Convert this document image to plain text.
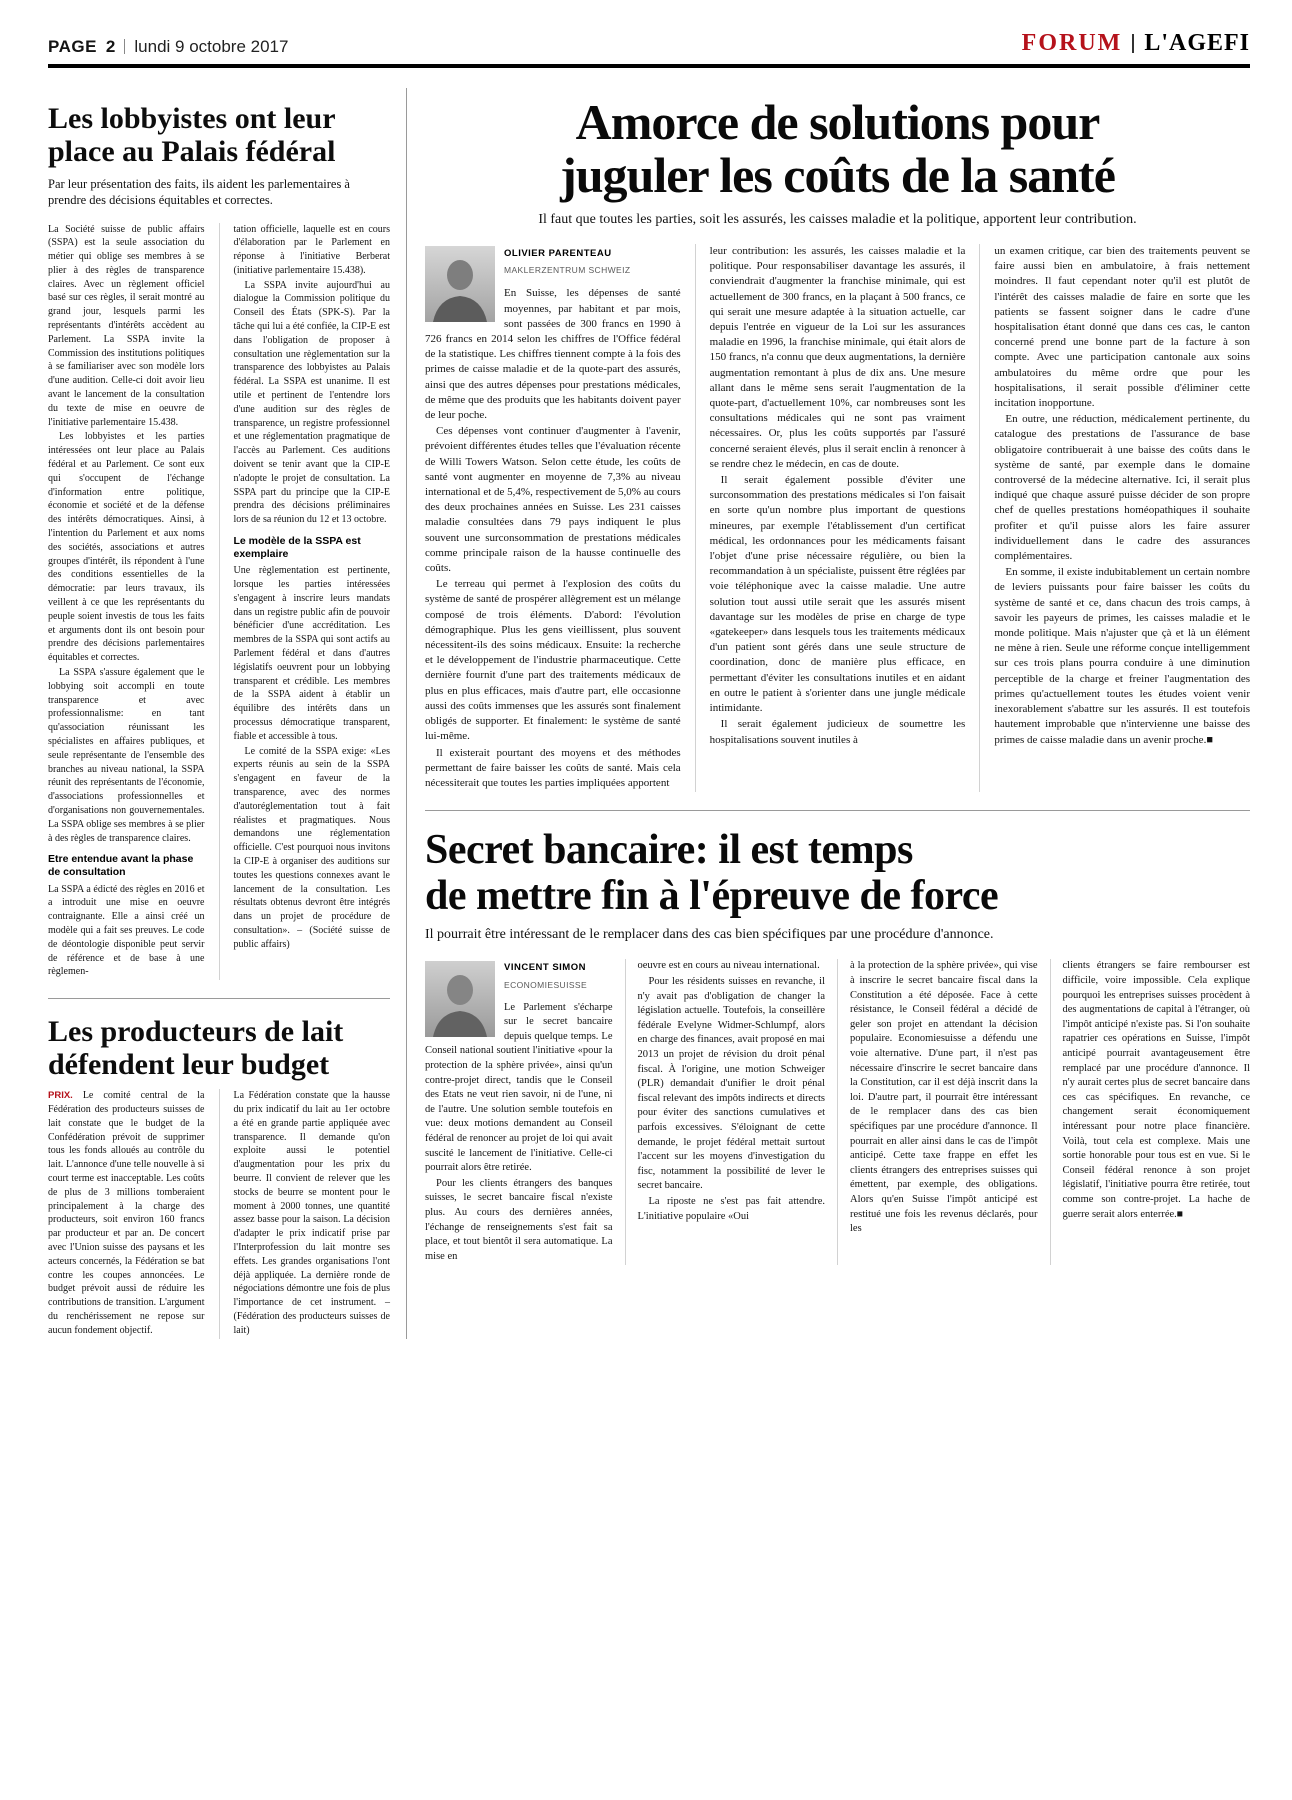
PAGE 2 lundi 9 octobre 2017	FORUM L'AGEFI
Les lobbyistes ont leur
place au Palais fédéral

Par leur présentation des faits, ils aident les parlementaires à prendre des décisions équitables et correctes.

La Société suisse de public affairs (SSPA) est la seule association du métier qui oblige ses membres à se plier à des règles de transparence claires. Avec un règlement officiel basé sur ces règles, il serait montré au grand jour, lesquels parmi les représentants d'intérêts accèdent au Parlement. La SSPA invite la Commission des institutions politiques à se familiariser avec son modèle lors d'une audition. Celle-ci doit avoir lieu avant le lancement de la consultation du texte de mise en oeuvre de l'initiative parlementaire 15.438.

Les lobbyistes et les parties intéressées ont leur place au Palais fédéral et au Parlement. Ce sont eux qui s'occupent de l'échange d'information entre politique, économie et société et de la défense des intérêts démocratiques. Ainsi, à l'intention du Parlement et aux noms des sociétés, associations et autres groupes d'intérêt, ils répondent à l'une des conditions essentielles de la démocratie: par leurs travaux, ils veillent à ce que les représentants du peuple soient investis de tous les faits et arguments dont ils ont besoin pour prendre des décisions parlementaires équitables et correctes.

La SSPA s'assure également que le lobbying soit accompli en toute transparence et avec professionnalisme: en tant qu'association réunissant les spécialistes en affaires publiques, et seule représentante de l'ensemble des branches au niveau national, la SSPA réunit des représentants de l'économie, d'associations professionnelles et d'organisations non gouvernementales. La SSPA oblige ses membres à se plier à des règles de transparence claires.

Etre entendue avant la phase de consultation

La SSPA a édicté des règles en 2016 et a introduit une mise en oeuvre contraignante. Elle a ainsi créé un modèle qui a fait ses preuves. Le code de déontologie disponible peut servir de référence et de base à une règlemen-

tation officielle, laquelle est en cours d'élaboration par le Parlement en réponse à l'initiative Berberat (initiative parlementaire 15.438).

La SSPA invite aujourd'hui au dialogue la Commission politique du Conseil des États (SPK-S). Par la tâche qui lui a été confiée, la CIP-E est dans l'obligation de proposer à consultation une règlementation sur la transparence des lobbyistes au Palais fédéral. La SSPA est unanime. Il est utile et pertinent de l'entendre lors d'une audition sur des règles de transparence, un registre professionnel et une réglementation pragmatique de l'accès au Parlement. Ces auditions doivent se tenir avant que la CIP-E n'adopte le projet de consultation. La SSPA part du principe que la CIP-E prendra des décisions préliminaires lors de sa réunion du 12 et 13 octobre.

Le modèle de la SSPA est exemplaire

Une règlementation est pertinente, lorsque les parties intéressées s'engagent à inscrire leurs mandats dans un registre public afin de pouvoir bénéficier d'une accréditation. Les membres de la SSPA qui sont actifs au Parlement fédéral et dans d'autres législatifs oeuvrent pour un lobbying transparent et crédible. Les membres de la SSPA aident à établir un équilibre des intérêts dans un processus démocratique transparent, fiable et accessible à tous.

Le comité de la SSPA exige: «Les experts réunis au sein de la SSPA s'engagent en faveur de la transparence, avec des normes d'autoréglementation tout à fait réalistes et pragmatiques. Nous demandons une réglementation officielle. C'est pourquoi nous invitons la CIP-E à organiser des auditions sur toutes les questions connexes avant le lancement de la consultation. Les résultats obtenus devront être intégrés dans un projet de procédure de consultation». – (Société suisse de public affairs)

Les producteurs de lait
défendent leur budget

PRIX. Le comité central de la Fédération des producteurs suisses de lait constate que le budget de la Confédération prévoit de supprimer tous les fonds alloués au contrôle du lait. L'annonce d'une telle nouvelle à si court terme est inacceptable. Les coûts de plus de 3 millions tomberaient principalement à la charge des producteurs, soit environ 160 francs par producteur et par an. De concert avec l'Union suisse des paysans et les acteurs concernés, la Fédération se bat contre les coupes annoncées. Le budget prévoit aussi de réduire les contributions de transition. L'argument du renchérissement ne repose sur aucun fondement objectif.

La Fédération constate que la hausse du prix indicatif du lait au 1er octobre a été en grande partie appliquée avec transparence. Il demande qu'on exploite aussi le potentiel d'augmentation pour les prix du beurre. Il convient de relever que les stocks de beurre se montent pour le moment à 2000 tonnes, une quantité assez basse pour la saison. La décision d'adapter le prix indicatif prise par l'Interprofession du lait montre ses effets. Les grandes organisations l'ont déjà appliquée. La dernière ronde de négociations démontre une fois de plus l'importance de cet instrument. – (Fédération des producteurs suisses de lait)

Amorce de solutions pour
juguler les coûts de la santé

Il faut que toutes les parties, soit les assurés, les caisses maladie et la politique, apportent leur contribution.

OLIVIER PARENTEAU
MAKLERZENTRUM SCHWEIZ

En Suisse, les dépenses de santé moyennes, par habitant et par mois, sont passées de 300 francs en 1990 à 726 francs en 2014 selon les chiffres de l'Office fédéral de la statistique. Les chiffres tiennent compte à la fois des primes de caisse maladie et de la quote-part des assurés, ainsi que des autres dépenses pour prestations médicales, de même que des produits que les habitants doivent payer de leur poche.

Ces dépenses vont continuer d'augmenter à l'avenir, prévoient différentes études telles que l'évaluation récente de Willi Towers Watson. Selon cette étude, les coûts de santé vont augmenter en moyenne de 7,3% au niveau international et de 5,4%, respectivement de 5,0% au cours des deux prochaines années en Suisse. Les 231 caisses maladie consultées dans 79 pays indiquent le plus souvent une surconsommation de prestations médicales comme principale raison de la hausse continuelle des coûts.

Le terreau qui permet à l'explosion des coûts du système de santé de prospérer allègrement est un mélange composé de trois éléments. D'abord: l'évolution démographique. Plus les gens vieillissent, plus souvent nécessitent-ils des soins médicaux. Ensuite: la recherche et le développement de l'industrie pharmaceutique. Cette dernière fournit d'une part des traitements médicaux de plus en plus efficaces, mais d'autre part, elle occasionne aussi des coûts immenses que les assurés sont finalement obligés de supporter. Et finalement: le système de santé lui-même.

Il existerait pourtant des moyens et des méthodes permettant de faire baisser les coûts de santé. Mais cela nécessiterait que toutes les parties impliquées apportent

leur contribution: les assurés, les caisses maladie et la politique. Pour responsabiliser davantage les assurés, il conviendrait d'augmenter la franchise minimale, qui est actuellement de 300 francs, en la plaçant à 500 francs, ce qui serait une mesure adaptée à la situation actuelle, car depuis l'entrée en vigueur de la Loi sur les assurances maladie en 1996, la franchise minimale, qui était alors de 150 francs, n'a connu que deux augmentations, la dernière augmentation remontant à plus de dix ans. Une mesure allant dans le même sens serait l'augmentation de la quote-part, d'actuellement 10%, car nombreuses sont les consultations médicales qui ne sont pas vraiment nécessaires. Or, plus les coûts supportés par l'assuré concerné seraient élevés, plus il serait enclin à renoncer à se rendre chez le médecin, en cas de doute.

Il serait également possible d'éviter une surconsommation des prestations médicales si l'on faisait en sorte qu'un nombre plus important de questions mineures, par exemple l'établissement d'un certificat médical, les ordonnances pour les médicaments faisant l'objet d'une prise nécessaire régulière, ou bien la recommandation à un spécialiste, puissent être réglées par voie téléphonique avec la caisse maladie. Une autre solution tout aussi utile serait que les assurés misent davantage sur les modèles de prise en charge de type «gatekeeper» dans lesquels tous les traitements médicaux d'un patient sont gérés dans une seule structure de coordination, donc de manière plus efficace, en permettant d'éviter les consultations inutiles et en aidant en outre le patient à s'orienter dans une jungle médicale intimidante.

Il serait également judicieux de soumettre les hospitalisations souvent inutiles à

un examen critique, car bien des traitements peuvent se faire aussi bien en ambulatoire, à frais nettement moindres. Il faut cependant noter qu'il est plutôt de l'intérêt des caisses maladie de faire en sorte que les patients se fassent soigner dans le cadre d'une hospitalisation étant donné que dans ces cas, le canton concerné prend une bonne part de la facture à son compte. Avec une participation cantonale aux soins ambulatoires du même ordre que pour les hospitalisations, il serait possible d'éliminer cette incitation inopportune.

En outre, une réduction, médicalement pertinente, du catalogue des prestations de l'assurance de base obligatoire contribuerait à une baisse des coûts dans le système de santé, par exemple dans le domaine controversé de la médecine alternative. Ici, il serait plus indiqué que chaque assuré puisse décider de son propre chef de quelles prestations homéopathiques il souhaite profiter et qu'il puisse alors les faire assurer individuellement dans le cadre des assurances complémentaires.

En somme, il existe indubitablement un certain nombre de leviers puissants pour faire baisser les coûts du système de santé et ce, dans chacun des trois camps, à savoir les payeurs de primes, les caisses maladie et le monde politique. Mais n'ajuster que çà et là un élément ne mène à rien. Seule une réforme conçue intelligemment sur ces trois plans pourra conduire à une diminution perceptible de la charge et freiner l'augmentation des primes qu'actuellement toutes les études voient venir inexorablement s'abattre sur les assurés. Il est toutefois hautement improbable que n'intervienne une baisse des primes de caisse maladie dans un avenir proche.■

Secret bancaire: il est temps
de mettre fin à l'épreuve de force

Il pourrait être intéressant de le remplacer dans des cas bien spécifiques par une procédure d'annonce.

VINCENT SIMON
ECONOMIESUISSE

Le Parlement s'écharpe sur le secret bancaire depuis quelque temps. Le Conseil national soutient l'initiative «pour la protection de la sphère privée», ainsi qu'un contre-projet direct, tandis que le Conseil des Etats ne veut rien savoir, ni de l'une, ni de l'autre. Une solution semble toutefois en vue: deux motions demandent au Conseil fédéral de renoncer au projet de loi qui avait suscité le lancement de l'initiative. Celle-ci pourrait alors être retirée.

Pour les clients étrangers des banques suisses, le secret bancaire fiscal n'existe plus. Au cours des dernières années, l'échange de renseignements s'est fait sa place, et tout bientôt il sera automatique. La mise en

oeuvre est en cours au niveau international.

Pour les résidents suisses en revanche, il n'y avait pas d'obligation de changer la législation actuelle. Toutefois, la conseillère fédérale Evelyne Widmer-Schlumpf, alors en charge des finances, avait proposé en mai 2013 un projet de révision du droit pénal fiscal. À l'origine, une motion Schweiger (PLR) demandait d'unifier le droit pénal fiscal relevant des impôts indirects et directs pour éviter des sanctions cumulatives et parfois excessives. S'éloignant de cette demande, le projet fédéral mettait surtout l'accent sur les moyens d'investigation du fisc, notamment la possibilité de lever le secret bancaire.

La riposte ne s'est pas fait attendre. L'initiative populaire «Oui

à la protection de la sphère privée», qui vise à inscrire le secret bancaire fiscal dans la Constitution a été déposée. Face à cette résistance, le Conseil fédéral a décidé de geler son projet en attendant la décision populaire. Economiesuisse a défendu une voie alternative. D'une part, il n'est pas nécessaire d'inscrire le secret bancaire dans la Constitution, car il est déjà inscrit dans la loi. D'autre part, il pourrait être intéressant de le remplacer dans des cas bien spécifiques par une procédure d'annonce. Il pourrait en aller ainsi dans le cas de l'impôt anticipé. Cette taxe frappe en effet les clients étrangers des entreprises suisses qui émettent, par exemple, des obligations. Alors qu'en Suisse l'impôt anticipé est restitué une fois les revenus déclarés, pour les

clients étrangers se faire rembourser est difficile, voire impossible. Cela explique pourquoi les entreprises suisses procèdent à des augmentations de capital à l'étranger, où l'impôt anticipé n'existe pas. Si l'on souhaite rapatrier ces opérations en Suisse, l'impôt anticipé pourrait avantageusement être remplacé par une procédure d'annonce. Il n'y aurait certes plus de secret bancaire dans ces cas spécifiques. En revanche, ce changement serait économiquement intéressant pour notre place financière. Voilà, tout cela est complexe. Mais une sortie honorable pour tous est en vue. Si le Conseil fédéral renonce à son projet législatif, l'initiative pourra être retirée, tout comme son contre-projet. La hache de guerre serait alors enterrée.■
